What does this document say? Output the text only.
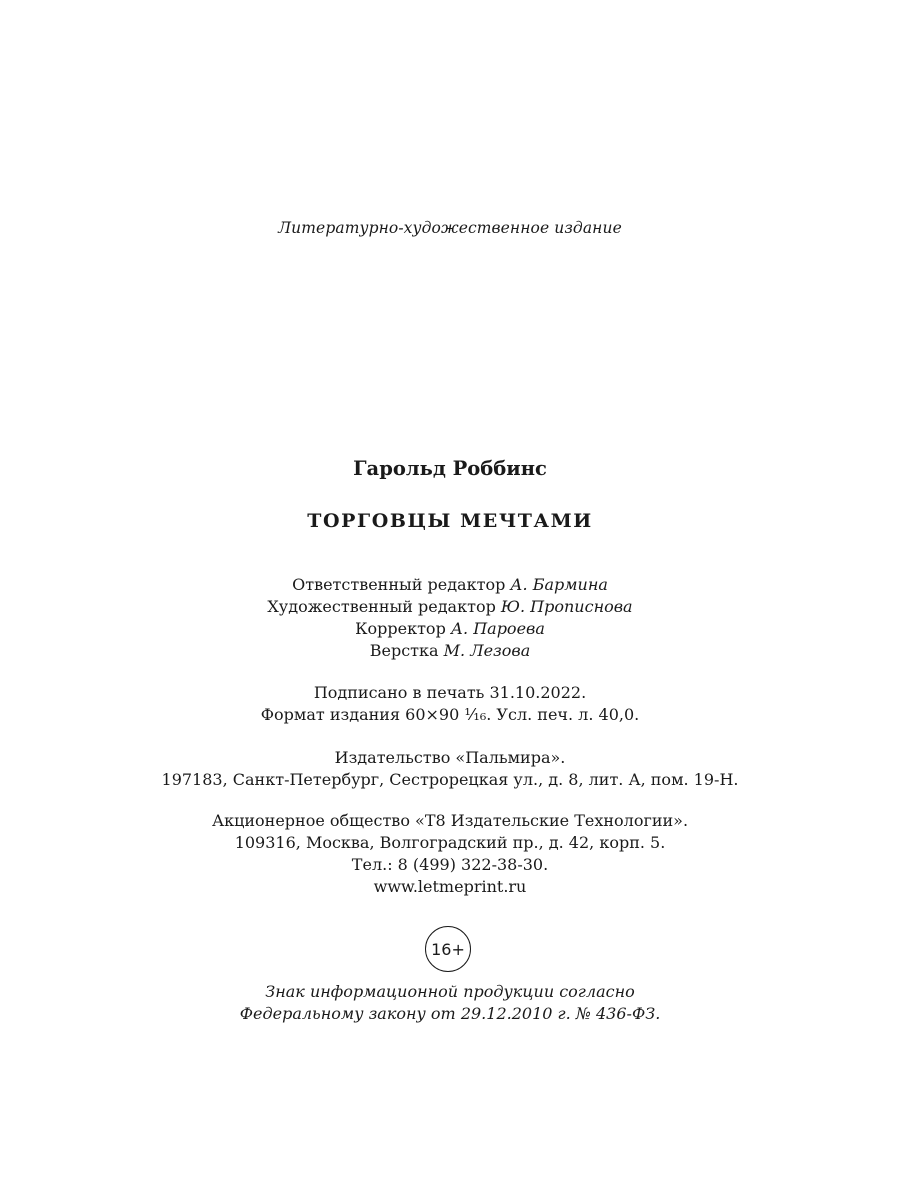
Литературно-художественное издание
Гарольд Роббинс
ТОРГОВЦЫ МЕЧТАМИ
Ответственный редактор А. Бармина
Художественный редактор Ю. Прописнова
Корректор А. Пароева
Верстка М. Лезова
Подписано в печать 31.10.2022.
Формат издания 60×90 ¹⁄₁₆. Усл. печ. л. 40,0.
Издательство «Пальмира».
197183, Санкт-Петербург, Сестрорецкая ул., д. 8, лит. А, пом. 19-Н.
Акционерное общество «Т8 Издательские Технологии».
109316, Москва, Волгоградский пр., д. 42, корп. 5.
Тел.: 8 (499) 322-38-30.
www.letmeprint.ru
16+
Знак информационной продукции согласно
Федеральному закону от 29.12.2010 г. № 436-ФЗ.
